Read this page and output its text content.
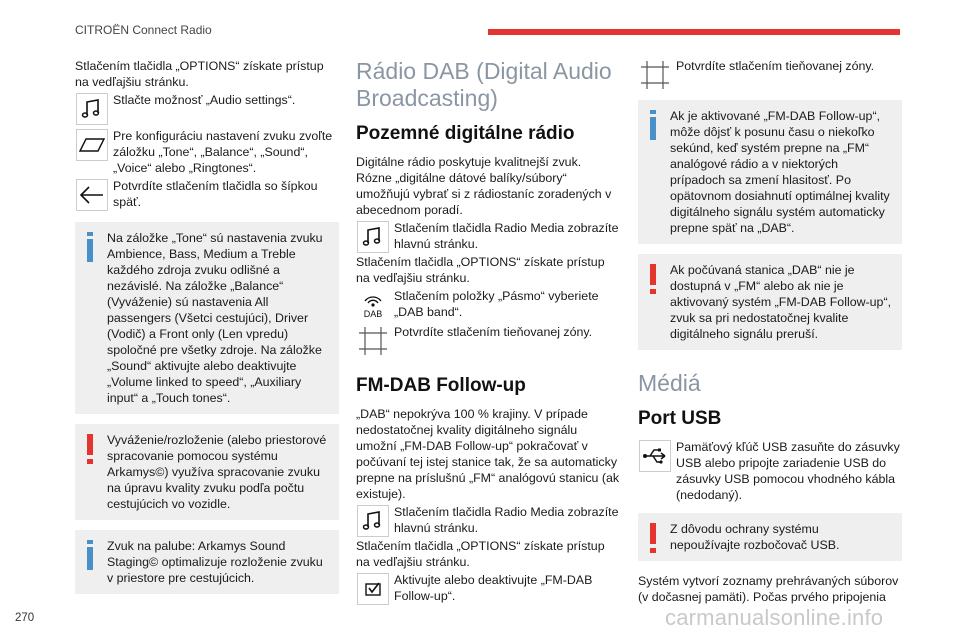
CITROËN Connect Radio

Stlačením tlačidla „OPTIONS“ získate prístup na vedľajšiu stránku.

Stlačte možnosť „Audio settings“.
Pre konfiguráciu nastavení zvuku zvoľte záložku „Tone“, „Balance“, „Sound“, „Voice“ alebo „Ringtones“.
Potvrdíte stlačením tlačidla so šípkou späť.
Na záložke „Tone“ sú nastavenia zvuku Ambience, Bass, Medium a Treble každého zdroja zvuku odlišné a nezávislé. Na záložke „Balance“ (Vyváženie) sú nastavenia All passengers (Všetci cestujúci), Driver (Vodič) a Front only (Len vpredu) spoločné pre všetky zdroje. Na záložke „Sound“ aktivujte alebo deaktivujte „Volume linked to speed“, „Auxiliary input“ a „Touch tones“.
Vyváženie/rozloženie (alebo priestorové spracovanie pomocou systému Arkamys©) využíva spracovanie zvuku na úpravu kvality zvuku podľa počtu cestujúcich vo vozidle.
Zvuk na palube: Arkamys Sound Staging© optimalizuje rozloženie zvuku v priestore pre cestujúcich.
Rádio DAB (Digital Audio Broadcasting)
Pozemné digitálne rádio

Digitálne rádio poskytuje kvalitnejší zvuk. Rózne „digitálne dátové balíky/súbory“ umožňujú vybrať si z rádiostaníc zoradených v abecednom poradí.

Stlačením tlačidla Radio Media zobrazíte hlavnú stránku.

Stlačením tlačidla „OPTIONS“ získate prístup na vedľajšiu stránku.

DAB
Stlačením položky „Pásmo“ vyberiete „DAB band“.
Potvrdíte stlačením tieňovanej zóny.
FM-DAB Follow-up

„DAB“ nepokrýva 100 % krajiny. V prípade nedostatočnej kvality digitálneho signálu umožní „FM-DAB Follow-up“ pokračovať v počúvaní tej istej stanice tak, že sa automaticky prepne na príslušnú „FM“ analógovú stanicu (ak existuje).

Stlačením tlačidla Radio Media zobrazíte hlavnú stránku.

Stlačením tlačidla „OPTIONS“ získate prístup na vedľajšiu stránku.

Aktivujte alebo deaktivujte „FM-DAB Follow-up“.
Potvrdíte stlačením tieňovanej zóny.
Ak je aktivované „FM-DAB Follow-up“, môže dôjsť k posunu času o niekoľko sekúnd, keď systém prepne na „FM“ analógové rádio a v niektorých prípadoch sa zmení hlasitosť. Po opätovnom dosiahnutí optimálnej kvality digitálneho signálu systém automaticky prepne späť na „DAB“.
Ak počúvaná stanica „DAB“ nie je dostupná v „FM“ alebo ak nie je aktivovaný systém „FM-DAB Follow-up“, zvuk sa pri nedostatočnej kvalite digitálneho signálu preruší.
Médiá
Port USB
Pamäťový kľúč USB zasuňte do zásuvky USB alebo pripojte zariadenie USB do zásuvky USB pomocou vhodného kábla (nedodaný).
Z dôvodu ochrany systému nepoužívajte rozbočovač USB.

Systém vytvorí zoznamy prehrávaných súborov (v dočasnej pamäti). Počas prvého pripojenia

270	carmanualsonline.info
